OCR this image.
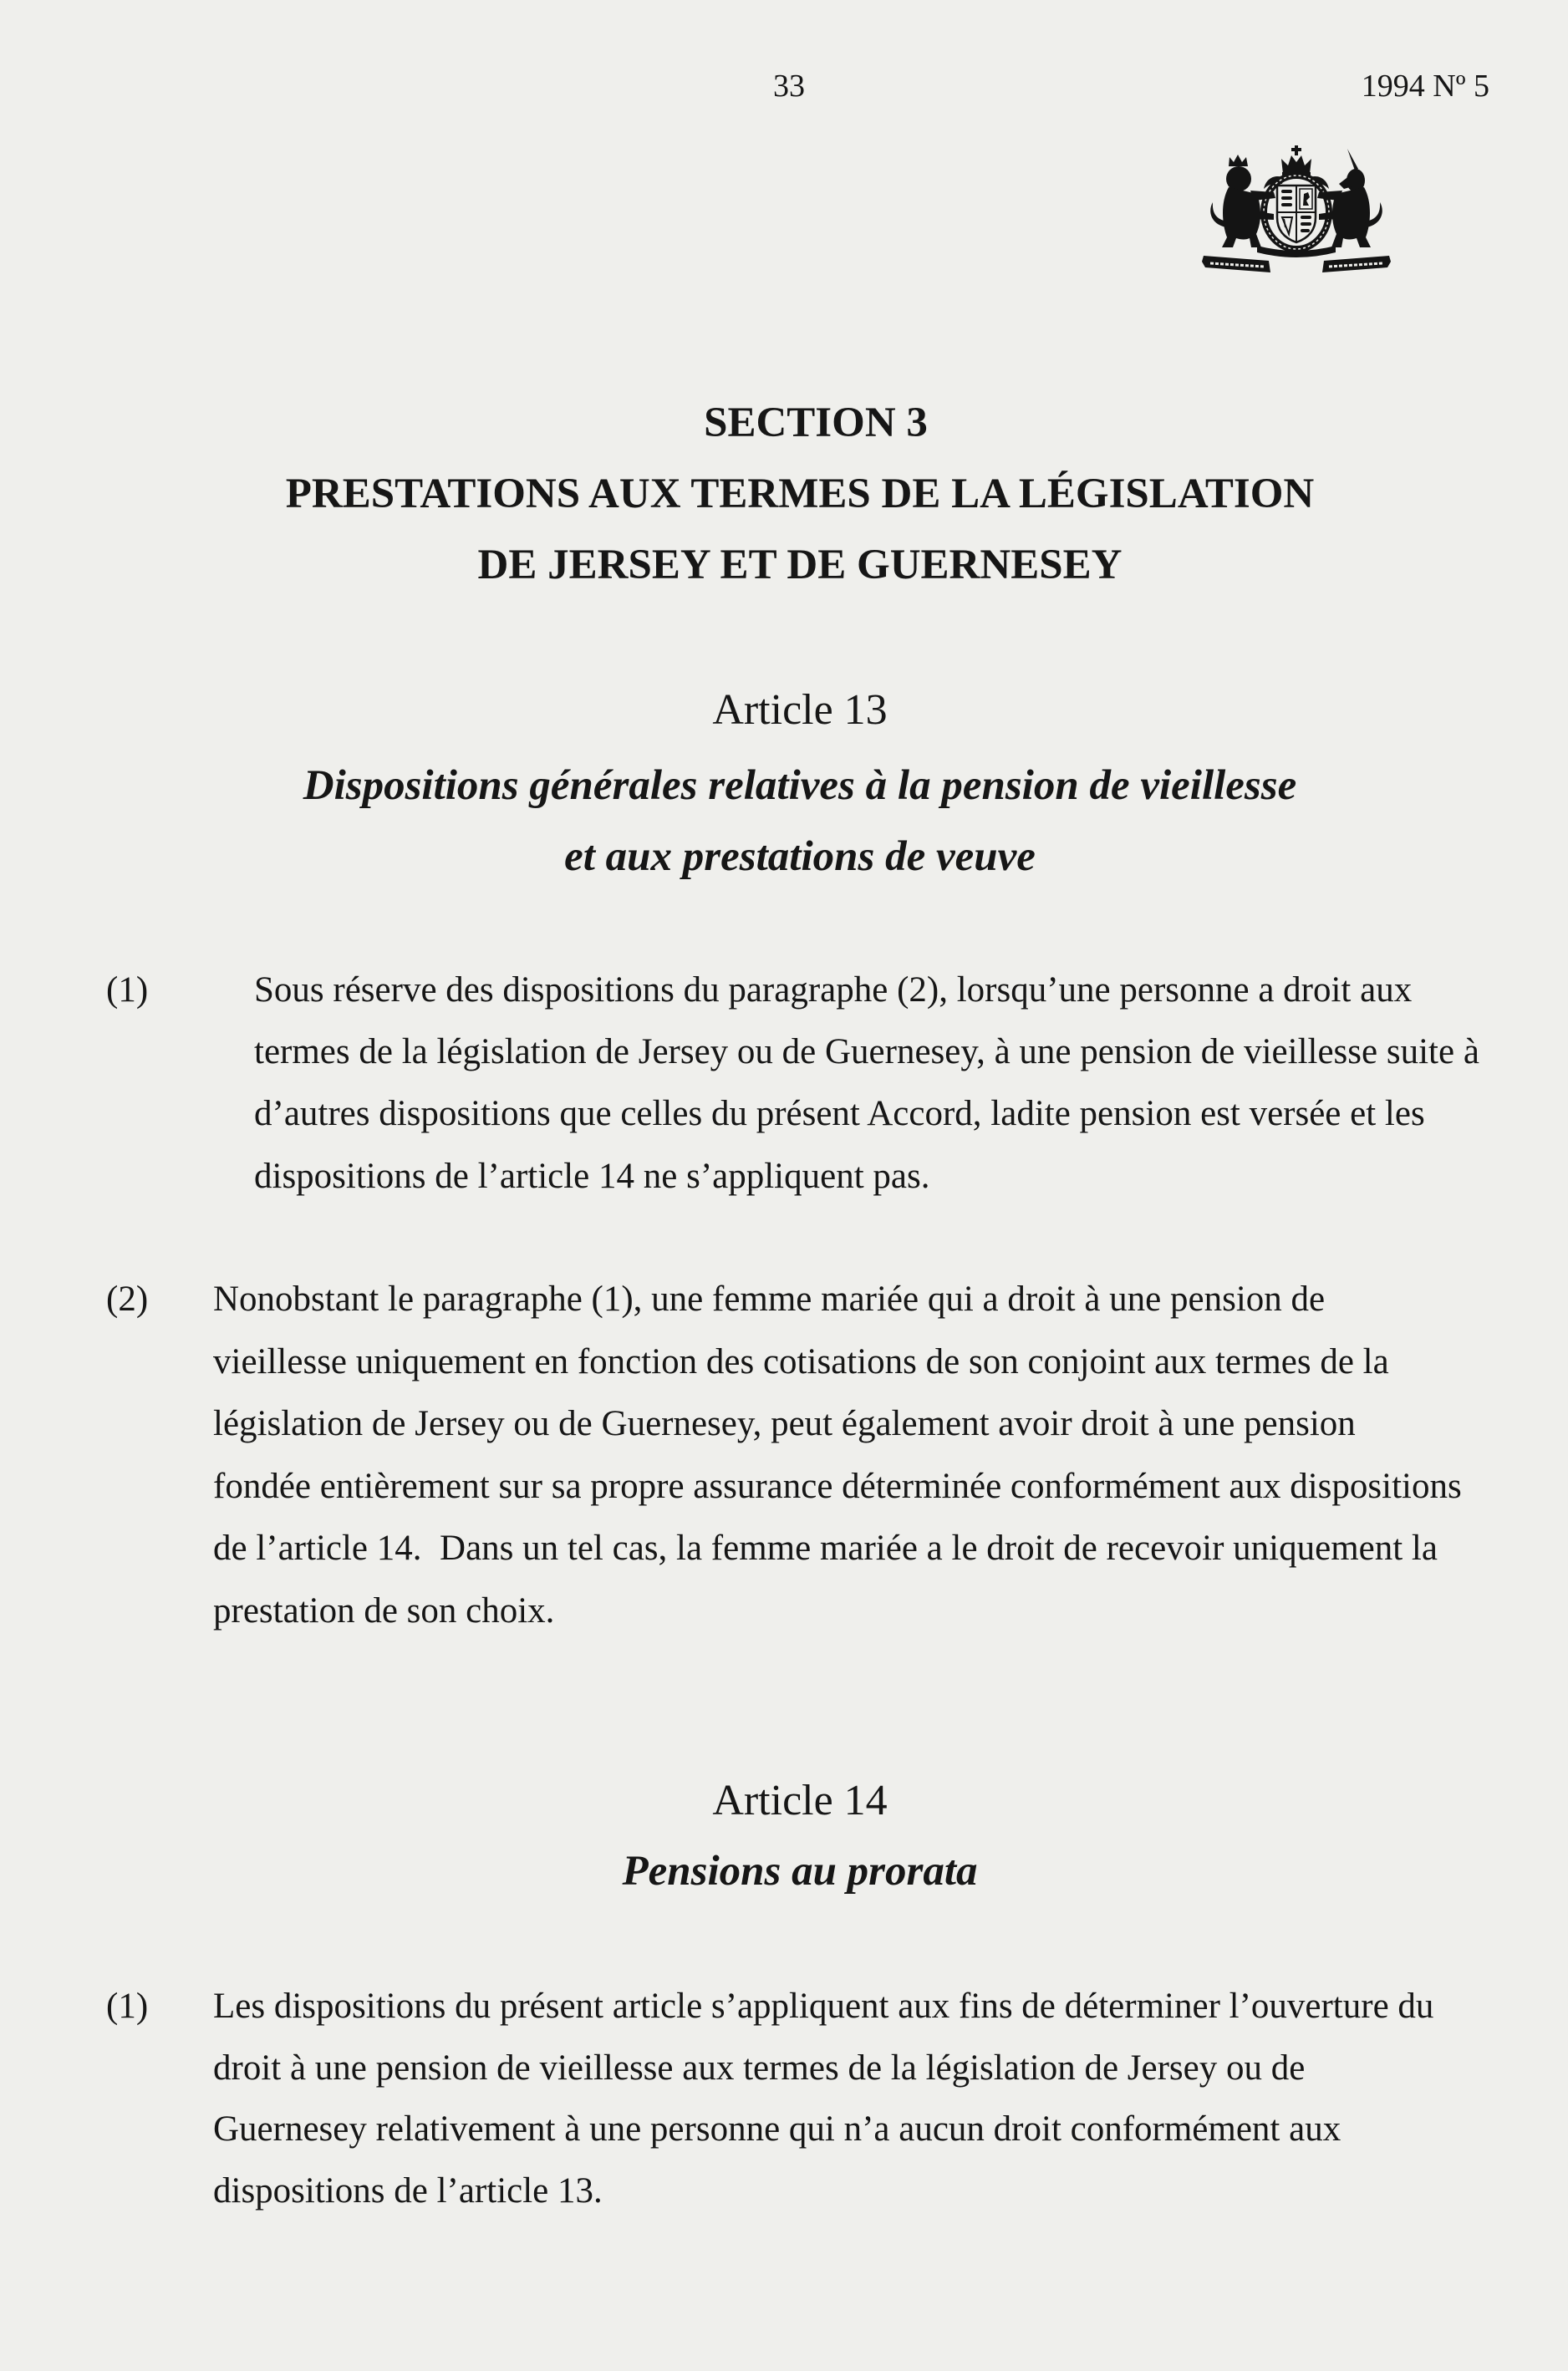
33	1994 Nº 5
SECTION 3
PRESTATIONS AUX TERMES DE LA LÉGISLATION
DE JERSEY ET DE GUERNESEY
Article 13
Dispositions générales relatives à la pension de vieillesse
et aux prestations de veuve
(1)	Sous réserve des dispositions du paragraphe (2), lorsqu’une personne a droit aux
termes de la législation de Jersey ou de Guernesey, à une pension de vieillesse suite à
d’autres dispositions que celles du présent Accord, ladite pension est versée et les
dispositions de l’article 14 ne s’appliquent pas.
(2) Nonobstant le paragraphe (1), une femme mariée qui a droit à une pension de
vieillesse uniquement en fonction des cotisations de son conjoint aux termes de la
législation de Jersey ou de Guernesey, peut également avoir droit à une pension
fondée entièrement sur sa propre assurance déterminée conformément aux dispositions
de l’article 14.  Dans un tel cas, la femme mariée a le droit de recevoir uniquement la
prestation de son choix.
Article 14
Pensions au prorata
(1) Les dispositions du présent article s’appliquent aux fins de déterminer l’ouverture du
droit à une pension de vieillesse aux termes de la législation de Jersey ou de
Guernesey relativement à une personne qui n’a aucun droit conformément aux
dispositions de l’article 13.
